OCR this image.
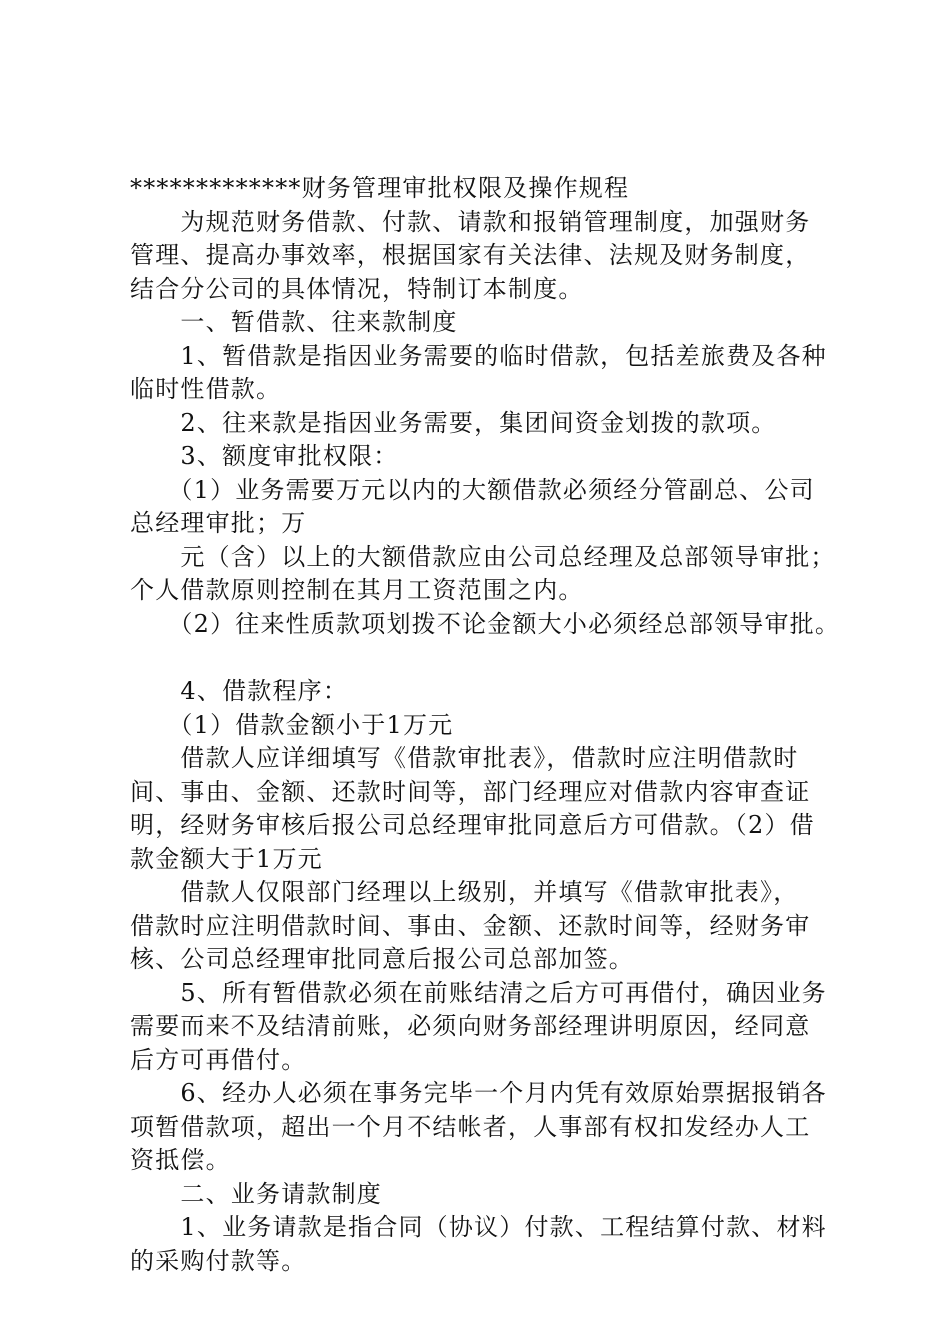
*************财务管理审批权限及操作规程
　　为规范财务借款、付款、请款和报销管理制度，加强财务
管理、提高办事效率，根据国家有关法律、法规及财务制度，
结合分公司的具体情况，特制订本制度。
　　一、暂借款、往来款制度
　　1、暂借款是指因业务需要的临时借款，包括差旅费及各种
临时性借款。
　　2、往来款是指因业务需要，集团间资金划拨的款项。
　　3、额度审批权限：
　　（1）业务需要万元以内的大额借款必须经分管副总、公司
总经理审批；万
　　元（含）以上的大额借款应由公司总经理及总部领导审批；
个人借款原则控制在其月工资范围之内。
　　（2）往来性质款项划拨不论金额大小必须经总部领导审批。
　　4、借款程序：
　　（1）借款金额小于1万元
　　借款人应详细填写《借款审批表》，借款时应注明借款时
间、事由、金额、还款时间等，部门经理应对借款内容审查证
明，经财务审核后报公司总经理审批同意后方可借款。（2）借
款金额大于1万元
　　借款人仅限部门经理以上级别，并填写《借款审批表》，
借款时应注明借款时间、事由、金额、还款时间等，经财务审
核、公司总经理审批同意后报公司总部加签。
　　5、所有暂借款必须在前账结清之后方可再借付，确因业务
需要而来不及结清前账，必须向财务部经理讲明原因，经同意
后方可再借付。
　　6、经办人必须在事务完毕一个月内凭有效原始票据报销各
项暂借款项，超出一个月不结帐者，人事部有权扣发经办人工
资抵偿。
　　二、业务请款制度
　　1、业务请款是指合同（协议）付款、工程结算付款、材料
的采购付款等。
